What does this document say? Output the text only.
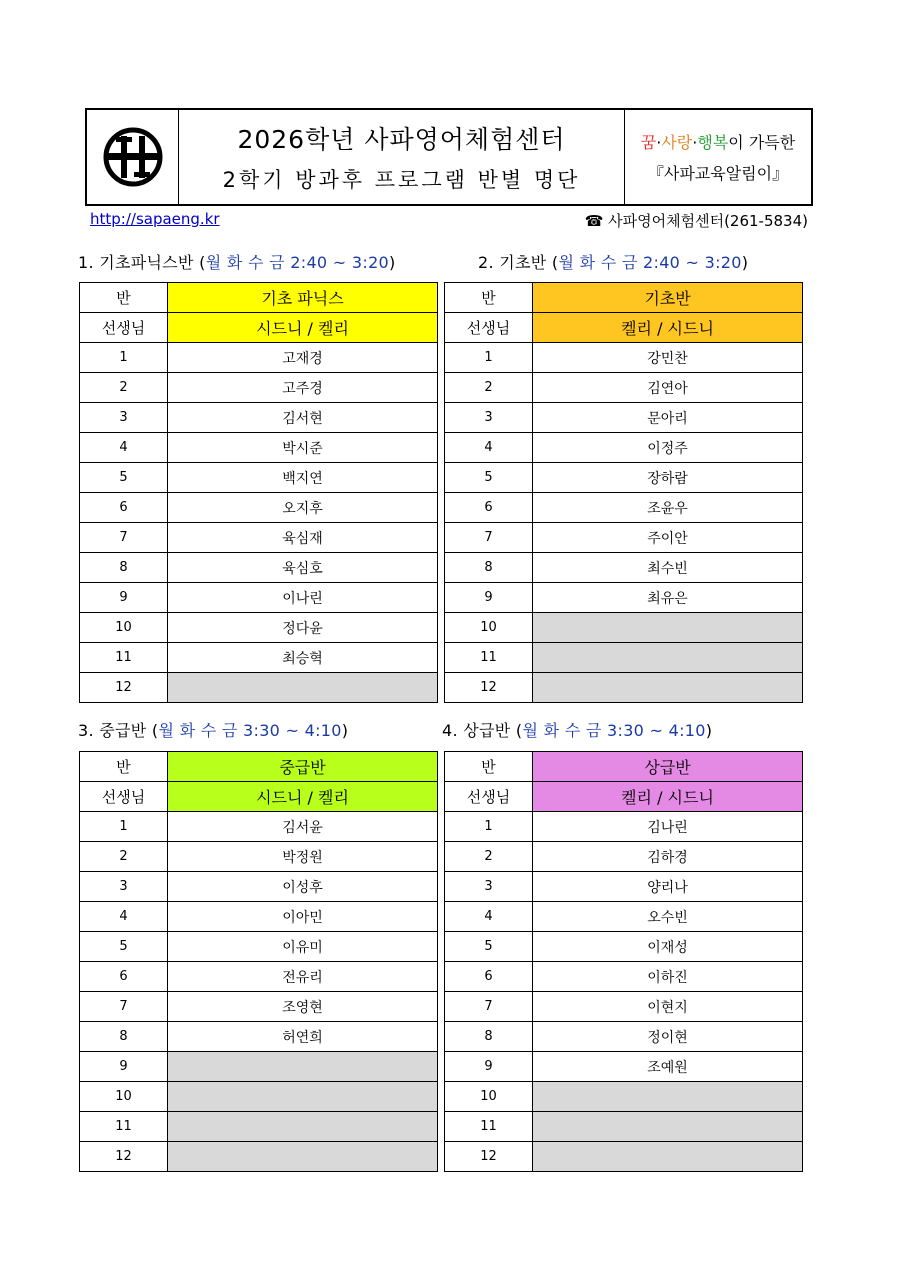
2026학년 사파영어체험센터
2학기 방과후 프로그램 반별 명단
꿈·사랑·행복이 가득한
『사파교육알림이』
http://sapaeng.kr	☎ 사파영어체험센터(261-5834)
1. 기초파닉스반 (월 화 수 금 2:40 ~ 3:20)	2. 기초반 (월 화 수 금 2:40 ~ 3:20)
3. 중급반 (월 화 수 금 3:30 ~ 4:10)	4. 상급반 (월 화 수 금 3:30 ~ 4:10)
반	기초 파닉스
선생님	시드니 / 켈리
1	고재경
2	고주경
3	김서현
4	박시준
5	백지연
6	오지후
7	육심재
8	육심호
9	이나린
10	정다윤
11	최승혁
12	
반	기초반
선생님	켈리 / 시드니
1	강민찬
2	김연아
3	문아리
4	이정주
5	장하람
6	조윤우
7	주이안
8	최수빈
9	최유은
10	
11	
12	
반	중급반
선생님	시드니 / 켈리
1	김서윤
2	박정원
3	이성후
4	이아민
5	이유미
6	전유리
7	조영현
8	허연희
9	
10	
11	
12	
반	상급반
선생님	켈리 / 시드니
1	김나린
2	김하경
3	양리나
4	오수빈
5	이재성
6	이하진
7	이현지
8	정이현
9	조예원
10	
11	
12	
